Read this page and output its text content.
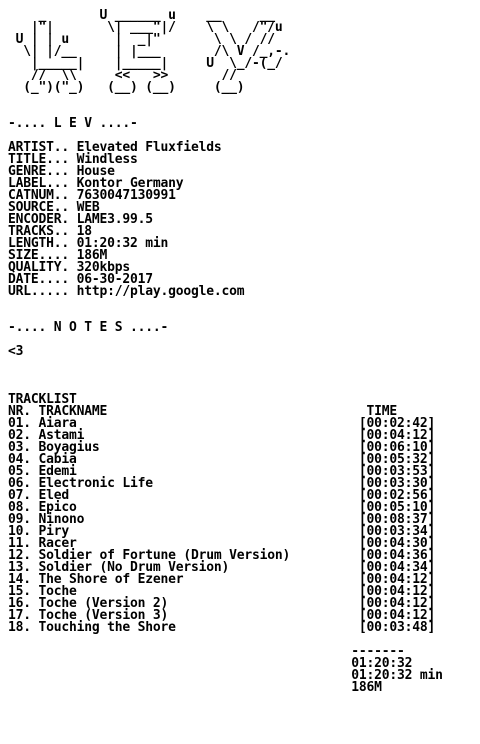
_       U ______ u    __     __
|"|       \| ___"|/    \ \   /"/u
U | | u      |  _|"       \ \ / //
\| |/__     | |___       /\ V /_,-.
|_____|    |_____|     U  \_/-(_/
//  \\     <<   >>       //
(_")("_)   (__) (__)     (__)
-.... L E V ....-
ARTIST.. Elevated Fluxfields
TITLE... Windless
GENRE... House
LABEL... Kontor Germany
CATNUM.. 7630047130991
SOURCE.. WEB
ENCODER. LAME3.99.5
TRACKS.. 18
LENGTH.. 01:20:32 min
SIZE.... 186M
QUALITY. 320kbps
DATE.... 06-30-2017
URL..... http://play.google.com
-.... N O T E S ....-
<3
TRACKLIST
NR. TRACKNAME	TIME
01. Aiara	[00:02:42]
02. Astami	[00:04:12]
03. Boyagius	[00:06:10]
04. Cabia	[00:05:32]
05. Edemi	[00:03:53]
06. Electronic Life	[00:03:30]
07. Eled	[00:02:56]
08. Epico	[00:05:10]
09. Ninono	[00:08:37]
10. Piry	[00:03:34]
11. Racer	[00:04:30]
12. Soldier of Fortune (Drum Version)	[00:04:36]
13. Soldier (No Drum Version)	[00:04:34]
14. The Shore of Ezener	[00:04:12]
15. Toche	[00:04:12]
16. Toche (Version 2)	[00:04:12]
17. Toche (Version 3)	[00:04:12]
18. Touching the Shore	[00:03:48]
-------
01:20:32
01:20:32 min
186M
